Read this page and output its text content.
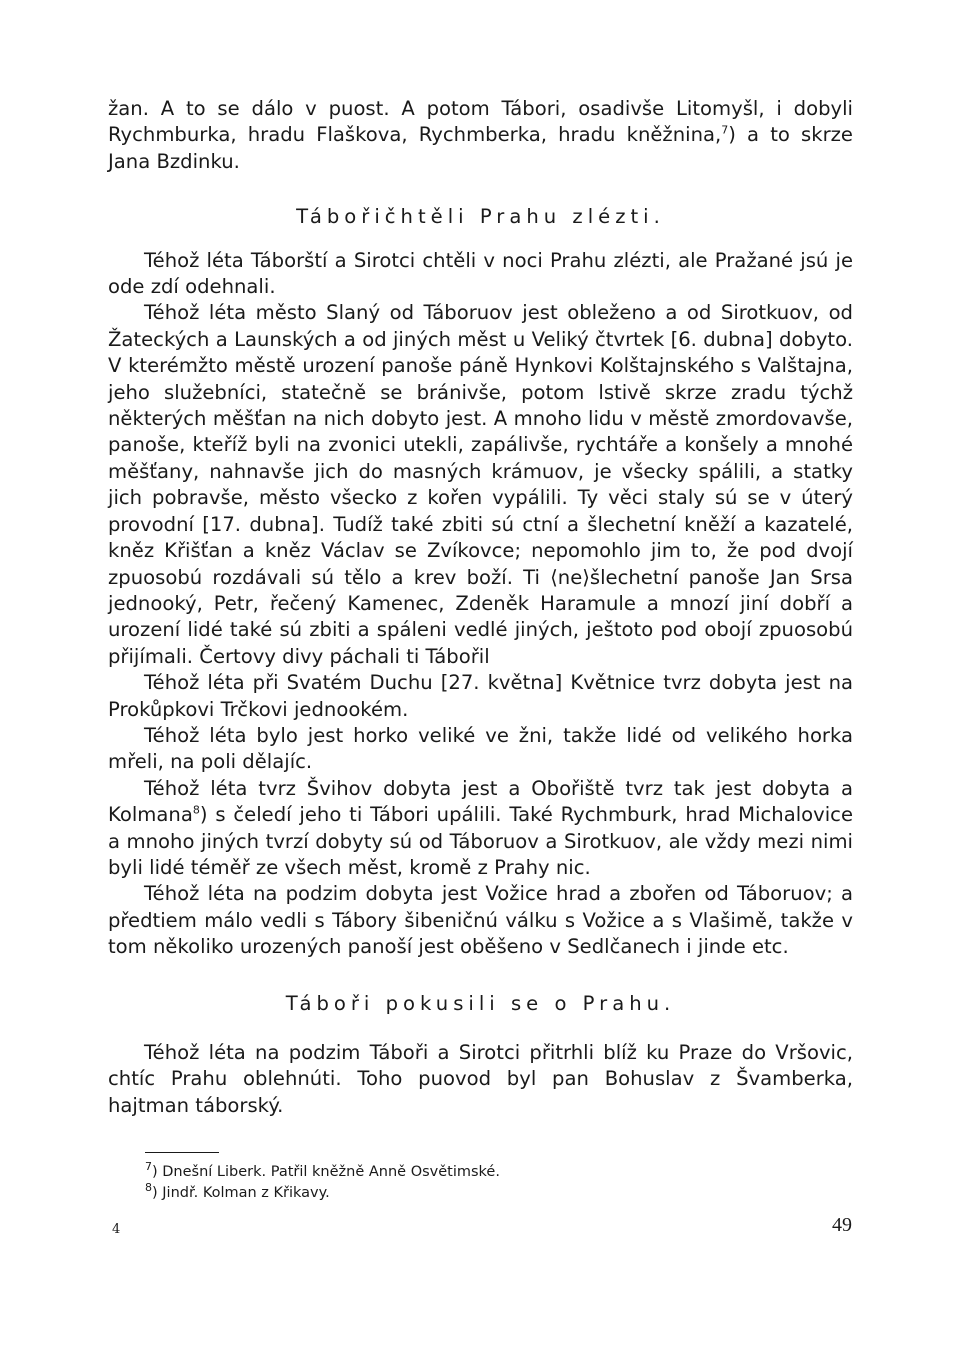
žan. A to se dálo v puost. A potom Tábori, osadivše Litomyšl, i dobyli Rychmburka, hradu Flaškova, Rychmberka, hradu kněžnina,$^7$) a to skrze Jana Bzdinku.

Tábořičhtěli Prahu zlézti.

Téhož léta Táborští a Sirotci chtěli v noci Prahu zlézti, ale Pražané jsú je ode zdí odehnali.

Téhož léta město Slaný od Táboruov jest obleženo a od Sirotkuov, od Žateckých a Launských a od jiných měst u Veliký čtvrtek [6. dubna] dobyto. V kterémžto městě urození panoše páně Hynkovi Kolštajnského s Valštajna, jeho služebníci, statečně se bránivše, potom lstivě skrze zradu týchž některých měšťan na nich dobyto jest. A mnoho lidu v městě zmordovavše, panoše, kteříž byli na zvonici utekli, zapálivše, rychtáře a konšely a mnohé měšťany, nahnavše jich do masných krámuov, je všecky spálili, a statky jich pobravše, město všecko z kořen vypálili. Ty věci staly sú se v úterý provodní [17. dubna]. Tudíž také zbiti sú ctní a šlechetní kněží a kazatelé, kněz Křišťan a kněz Václav se Zvíkovce; nepomohlo jim to, že pod dvojí zpuosobú rozdávali sú tělo a krev boží. Ti ⟨ne⟩šlechetní panoše Jan Srsa jednooký, Petr, řečený Kamenec, Zdeněk Haramule a mnozí jiní dobří a urození lidé také sú zbiti a spáleni vedlé jiných, ještoto pod obojí zpuosobú přijímali. Čertovy divy páchali ti Tábořil

Téhož léta při Svatém Duchu [27. května] Květnice tvrz dobyta jest na Prokůpkovi Trčkovi jednookém.

Téhož léta bylo jest horko veliké ve žni, takže lidé od velikého horka mřeli, na poli dělajíc.

Téhož léta tvrz Švihov dobyta jest a Obořiště tvrz tak jest dobyta a Kolmana$^8$) s čeledí jeho ti Tábori upálili. Také Rychmburk, hrad Michalovice a mnoho jiných tvrzí dobyty sú od Táboruov a Sirotkuov, ale vždy mezi nimi byli lidé téměř ze všech měst, kromě z Prahy nic.

Téhož léta na podzim dobyta jest Vožice hrad a zbořen od Táboruov; a předtiem málo vedli s Tábory šibeničnú válku s Vožice a s Vlašimě, takže v tom několiko urozených panoší jest oběšeno v Sedlčanech i jinde etc.

Táboři pokusili se o Prahu.

Téhož léta na podzim Táboři a Sirotci přitrhli blíž ku Praze do Vršovic, chtíc Prahu oblehnúti. Toho puovod byl pan Bohuslav z Švamberka, hajtman táborský.

$^7$) Dnešní Liberk. Patřil kněžně Anně Osvětimské.

$^8$) Jindř. Kolman z Křikavy.

4	49
